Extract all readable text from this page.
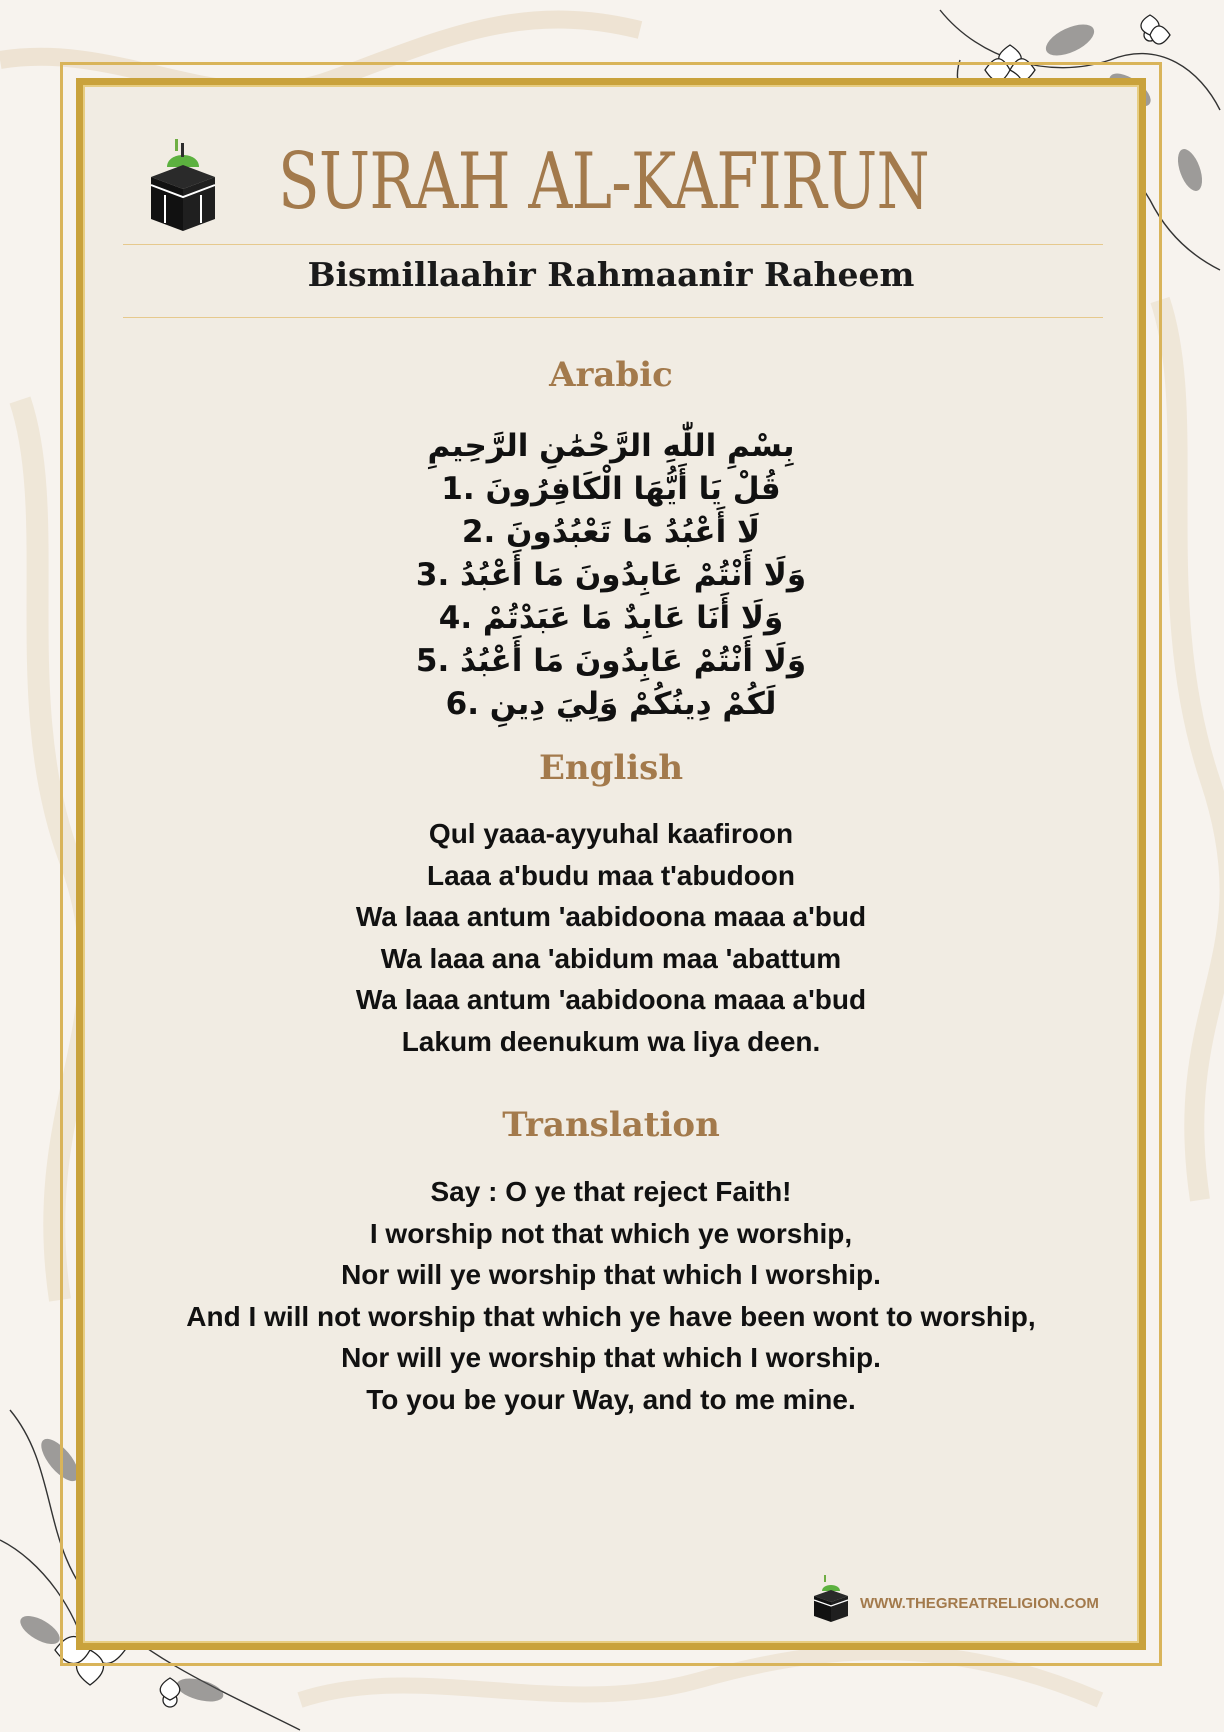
SURAH AL-KAFIRUN
Bismillaahir Rahmaanir Raheem
Arabic
بِسْمِ اللّٰهِ الرَّحْمَٰنِ الرَّحِيمِ
قُلْ يَا أَيُّهَا الْكَافِرُونَ .1
لَا أَعْبُدُ مَا تَعْبُدُونَ .2
وَلَا أَنْتُمْ عَابِدُونَ مَا أَعْبُدُ .3
وَلَا أَنَا عَابِدٌ مَا عَبَدْتُمْ .4
وَلَا أَنْتُمْ عَابِدُونَ مَا أَعْبُدُ .5
لَكُمْ دِينُكُمْ وَلِيَ دِينِ .6
English
Qul yaaa-ayyuhal kaafiroon
Laaa a'budu maa t'abudoon
Wa laaa antum 'aabidoona maaa a'bud
Wa laaa ana 'abidum maa 'abattum
Wa laaa antum 'aabidoona maaa a'bud
Lakum deenukum wa liya deen.
Translation
Say : O ye that reject Faith!
I worship not that which ye worship,
Nor will ye worship that which I worship.
And I will not worship that which ye have been wont to worship,
Nor will ye worship that which I worship.
To you be your Way, and to me mine.
WWW.THEGREATRELIGION.COM
